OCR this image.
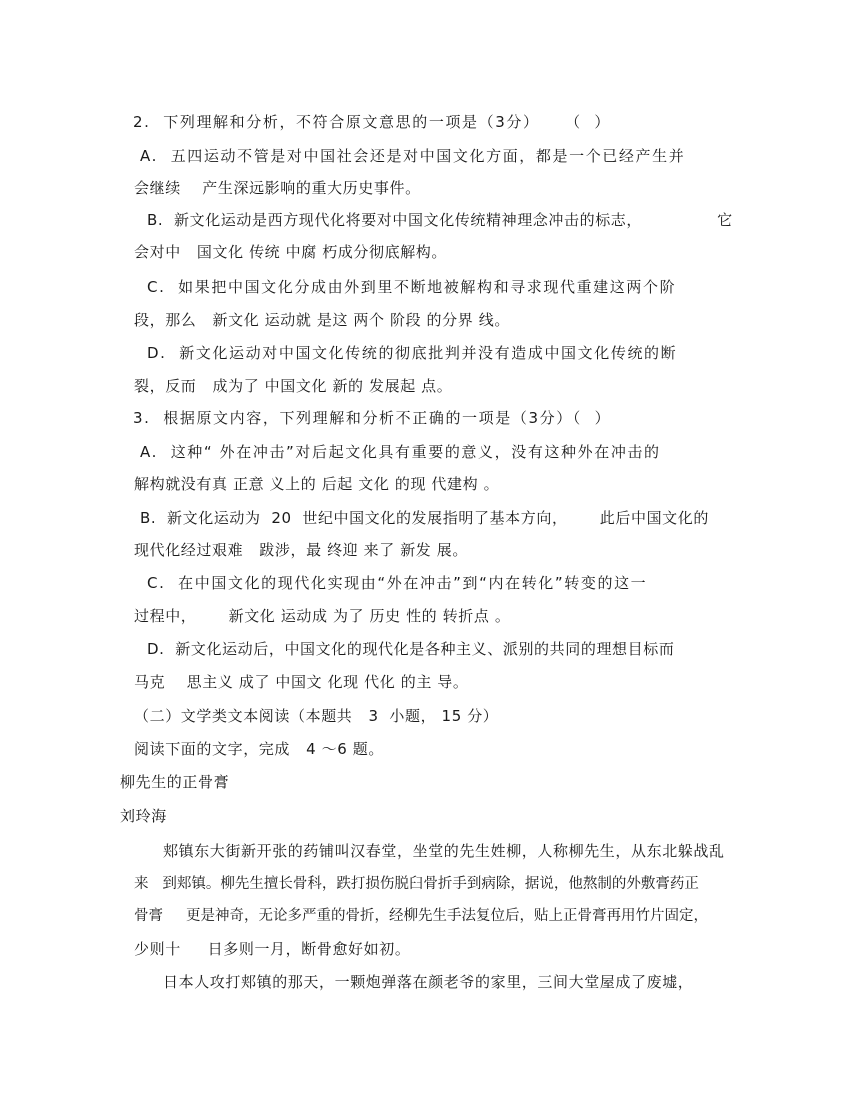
2.  下列理解和分析，不符合原文意思的一项是（3分）    （  ）
A.  五四运动不管是对中国社会还是对中国文化方面，都是一个已经产生并
会继续    产生深远影响的重大历史事件。
B.  新文化运动是西方现代化将要对中国文化传统精神理念冲击的标志，              它
会对中   国文化 传统 中腐 朽成分彻底解构。
C.  如果把中国文化分成由外到里不断地被解构和寻求现代重建这两个阶
段，那么   新文化 运动就 是这 两个 阶段 的分界 线。
D.  新文化运动对中国文化传统的彻底批判并没有造成中国文化传统的断
裂，反而   成为了 中国文化 新的 发展起 点。
3.  根据原文内容，下列理解和分析不正确的一项是（3分）（  ）
A.  这种“ 外在冲击”对后起文化具有重要的意义，没有这种外在冲击的
解构就没有真 正意 义上的 后起 文化 的现 代建构 。
B.  新文化运动为  20  世纪中国文化的发展指明了基本方向，      此后中国文化的
现代化经过艰难   跋涉，最 终迎 来了 新发 展。
C.  在中国文化的现代化实现由“外在冲击”到“内在转化”转变的这一
过程中，      新文化 运动成 为了 历史 性的 转折点 。
D.  新文化运动后，中国文化的现代化是各种主义、派别的共同的理想目标而
马克    思主义 成了 中国文 化现 代化 的主 导。
（二）文学类文本阅读（本题共   3  小题， 15 分）
阅读下面的文字，完成   4 ～6 题。
柳先生的正骨膏
刘玲海
郏镇东大街新开张的药铺叫汉春堂，坐堂的先生姓柳，人称柳先生，从东北躲战乱
来   到郏镇。柳先生擅长骨科，跌打损伤脱臼骨折手到病除，据说，他熬制的外敷膏药正
骨膏     更是神奇，无论多严重的骨折，经柳先生手法复位后，贴上正骨膏再用竹片固定，
少则十     日多则一月，断骨愈好如初。
日本人攻打郏镇的那天，一颗炮弹落在颜老爷的家里，三间大堂屋成了废墟，
